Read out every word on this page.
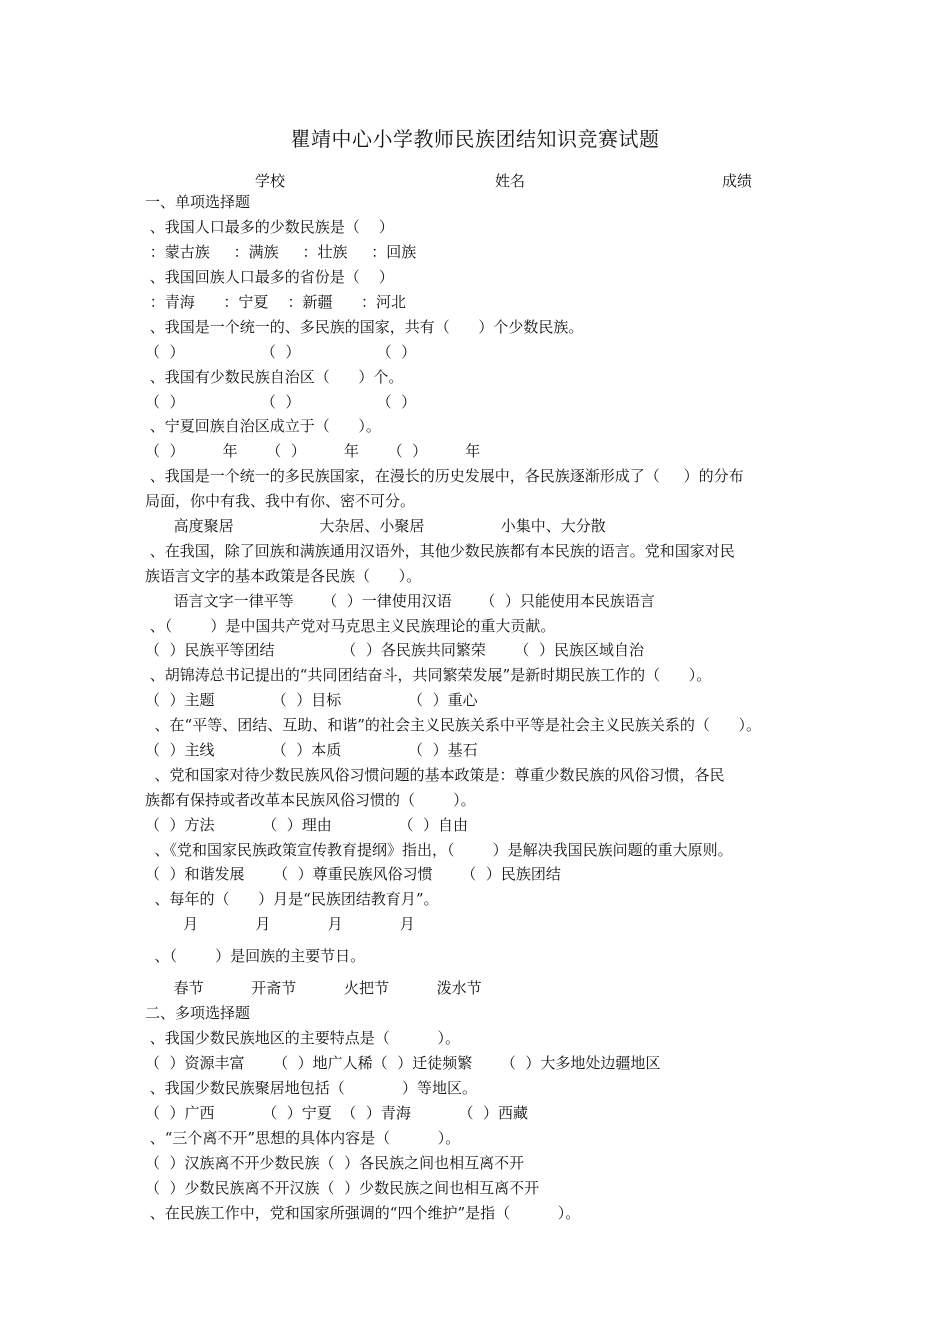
瞿靖中心小学教师民族团结知识竞赛试题
学校	姓名	成绩
一、单项选择题
、我国人口最多的少数民族是（    ）
：蒙古族     ：满族     ：壮族     ：回族
、我国回族人口最多的省份是（    ）
：青海      ：宁夏    ：新疆      ：河北
、我国是一个统一的、多民族的国家，共有（      ）个少数民族。
（  ）                （  ）                （  ）
、我国有少数民族自治区（      ）个。
（  ）                （  ）                （  ）
、宁夏回族自治区成立于（      ）。
（  ）        年      （  ）        年      （  ）        年
、我国是一个统一的多民族国家，在漫长的历史发展中，各民族逐渐形成了（     ）的分布
局面，你中有我、我中有你、密不可分。
高度聚居                  大杂居、小聚居                小集中、大分散
、在我国，除了回族和满族通用汉语外，其他少数民族都有本民族的语言。党和国家对民
族语言文字的基本政策是各民族（      ）。
语言文字一律平等      （  ）一律使用汉语      （  ）只能使用本民族语言
、（        ）是中国共产党对马克思主义民族理论的重大贡献。
（  ）民族平等团结              （  ）各民族共同繁荣      （  ）民族区域自治
、胡锦涛总书记提出的“共同团结奋斗，共同繁荣发展”是新时期民族工作的（      ）。
（  ）主题            （  ）目标              （  ）重心
、在“平等、团结、互助、和谐”的社会主义民族关系中平等是社会主义民族关系的（      ）。
（  ）主线            （  ）本质              （  ）基石
、党和国家对待少数民族风俗习惯问题的基本政策是：尊重少数民族的风俗习惯，各民
族都有保持或者改革本民族风俗习惯的（        ）。
（  ）方法          （  ）理由              （  ）自由
、《党和国家民族政策宣传教育提纲》指出，（        ）是解决我国民族问题的重大原则。
（  ）和谐发展      （  ）尊重民族风俗习惯      （  ）民族团结
、每年的（      ）月是“民族团结教育月”。
月            月            月            月
、（        ）是回族的主要节日。
春节          开斋节          火把节          泼水节
二、多项选择题
、我国少数民族地区的主要特点是（          ）。
（  ）资源丰富      （  ）地广人稀（  ）迁徒频繁      （  ）大多地处边疆地区
、我国少数民族聚居地包括（            ）等地区。
（  ）广西          （  ）宁夏  （  ）青海          （  ）西藏
、“三个离不开”思想的具体内容是（          ）。
（  ）汉族离不开少数民族（  ）各民族之间也相互离不开
（  ）少数民族离不开汉族（  ）少数民族之间也相互离不开
、在民族工作中，党和国家所强调的“四个维护”是指（          ）。
